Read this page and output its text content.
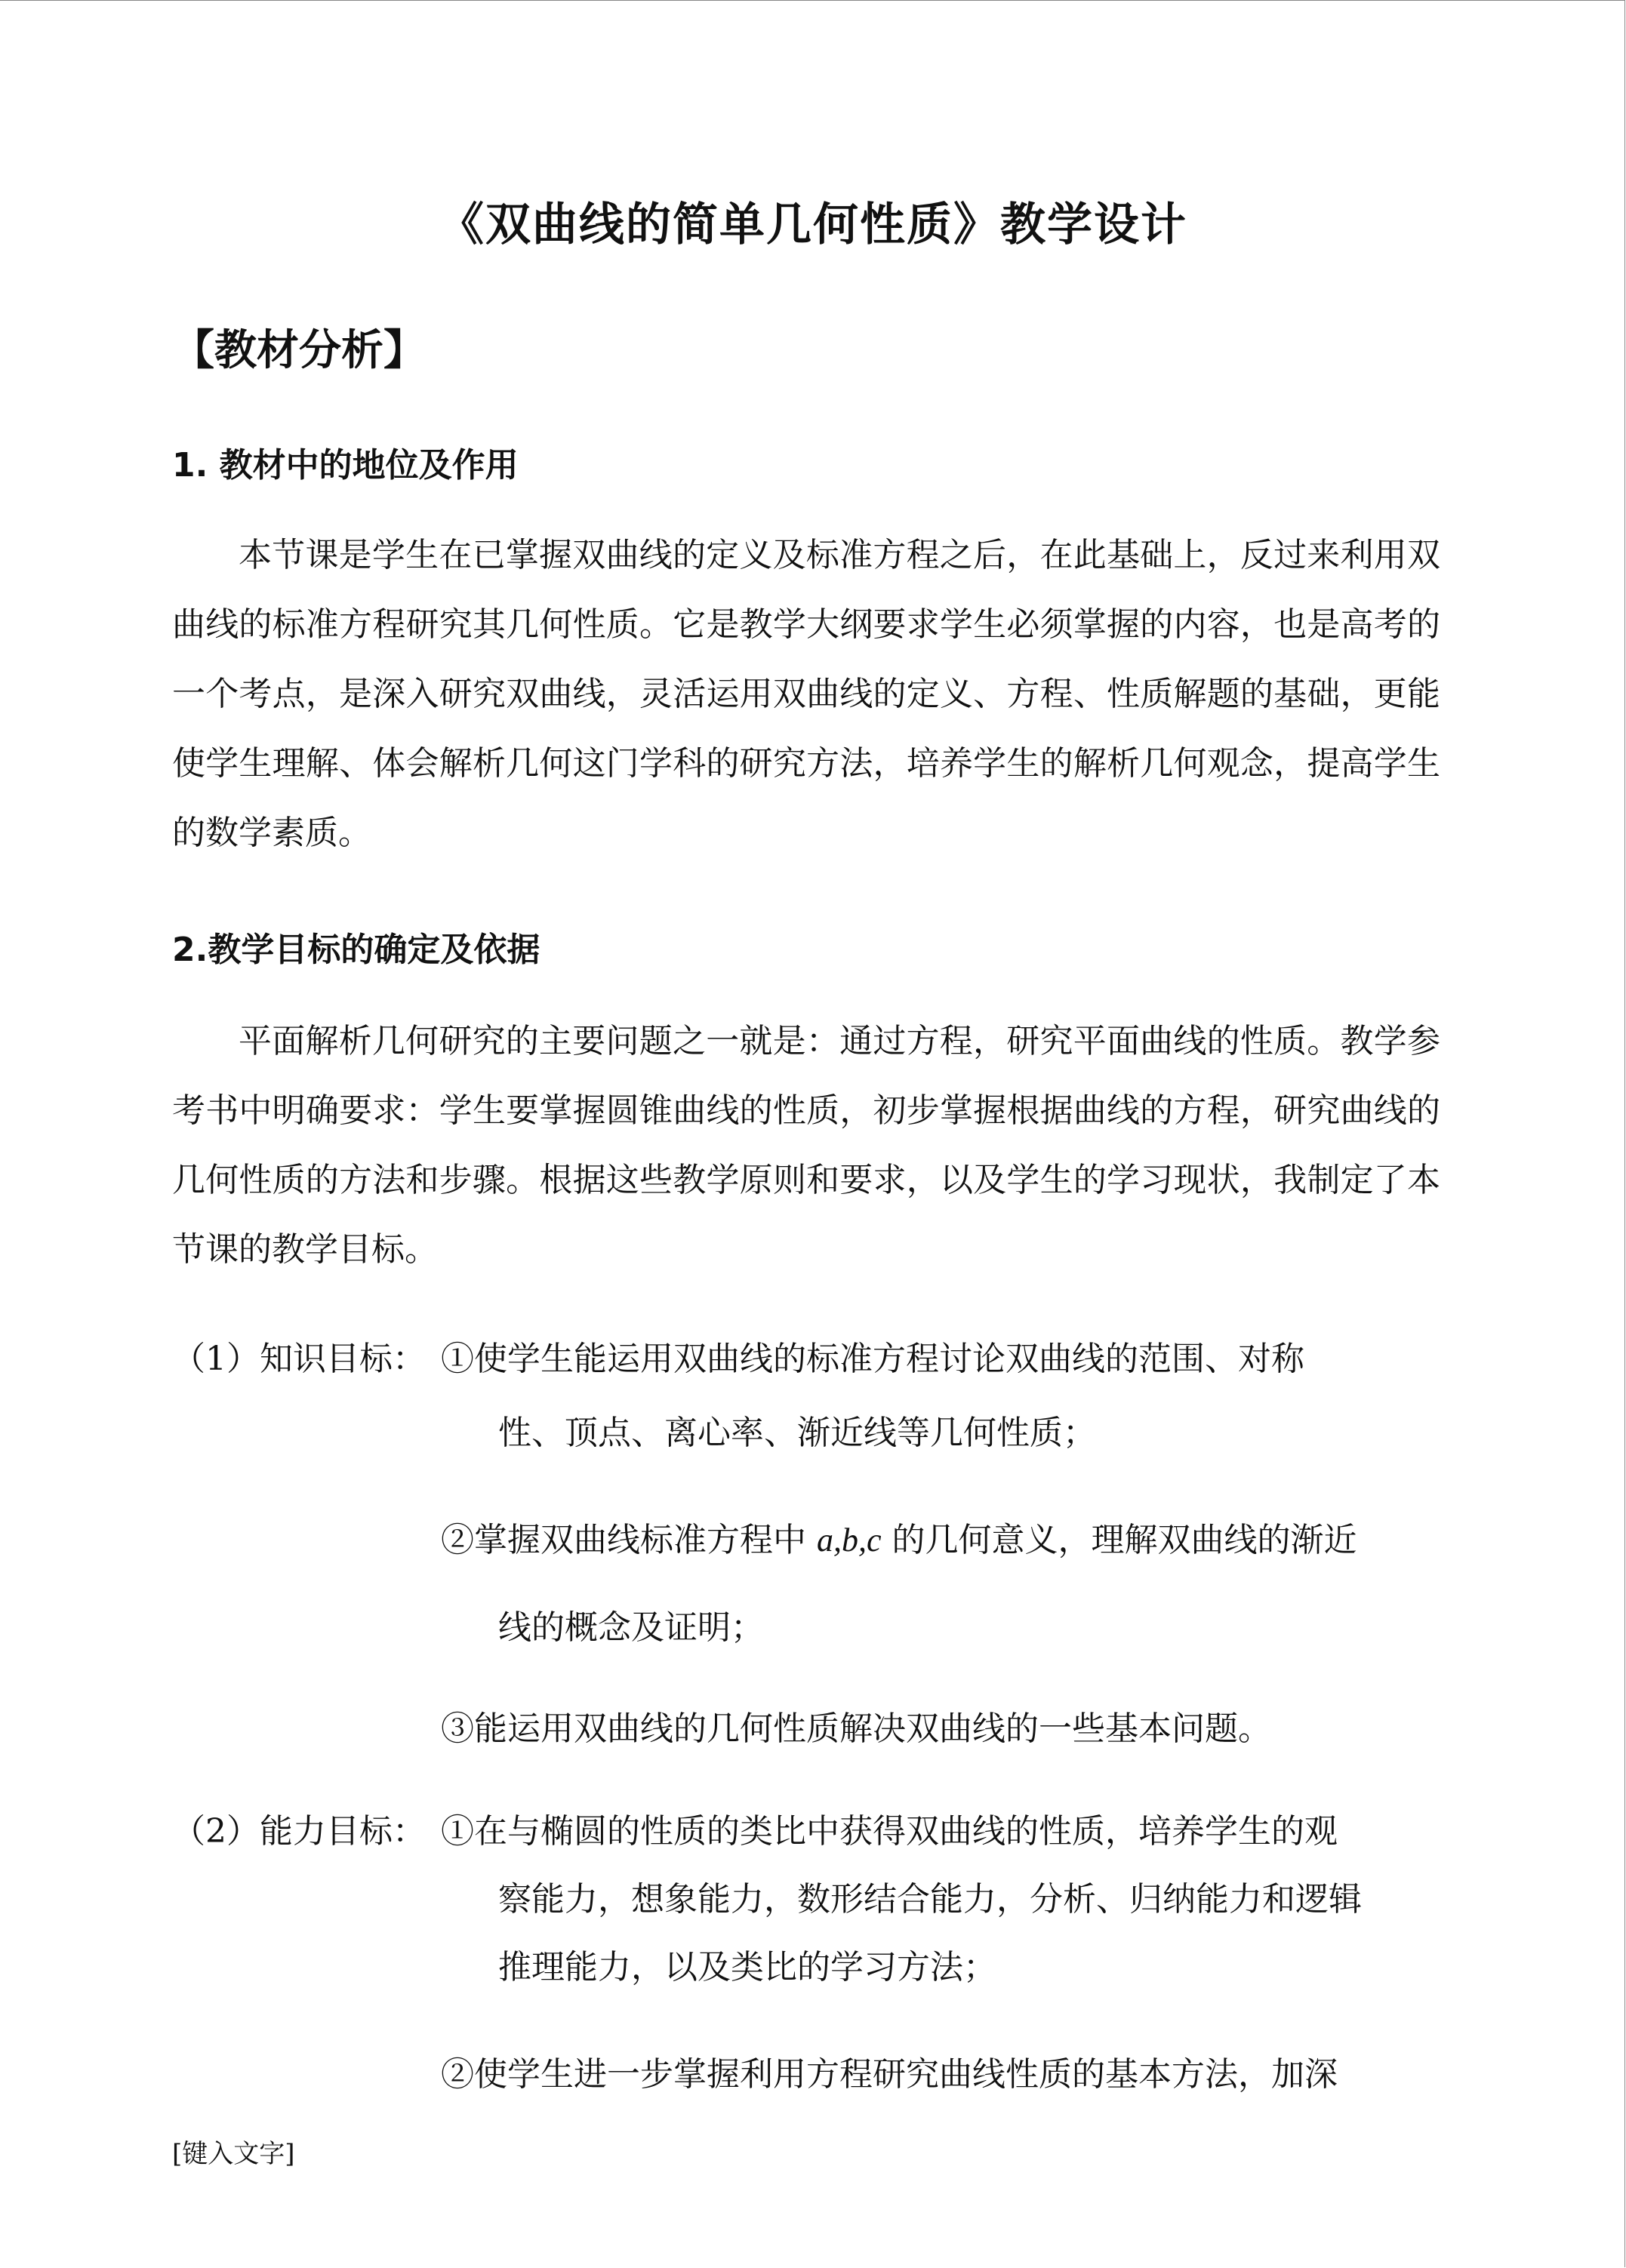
《双曲线的简单几何性质》教学设计
【教材分析】
1. 教材中的地位及作用

本节课是学生在已掌握双曲线的定义及标准方程之后，在此基础上，反过来利用双曲线的标准方程研究其几何性质。它是教学大纲要求学生必须掌握的内容，也是高考的一个考点，是深入研究双曲线，灵活运用双曲线的定义、方程、性质解题的基础，更能使学生理解、体会解析几何这门学科的研究方法，培养学生的解析几何观念，提高学生的数学素质。

2.教学目标的确定及依据

平面解析几何研究的主要问题之一就是：通过方程，研究平面曲线的性质。教学参考书中明确要求：学生要掌握圆锥曲线的性质，初步掌握根据曲线的方程，研究曲线的几何性质的方法和步骤。根据这些教学原则和要求，以及学生的学习现状，我制定了本节课的教学目标。

（1）知识目标： ①使学生能运用双曲线的标准方程讨论双曲线的范围、对称
性、顶点、离心率、渐近线等几何性质；
②掌握双曲线标准方程中 a,b,c 的几何意义，理解双曲线的渐近
线的概念及证明；
③能运用双曲线的几何性质解决双曲线的一些基本问题。
（2）能力目标： ①在与椭圆的性质的类比中获得双曲线的性质，培养学生的观
察能力，想象能力，数形结合能力，分析、归纳能力和逻辑
推理能力，以及类比的学习方法；
②使学生进一步掌握利用方程研究曲线性质的基本方法，加深
[键入文字]
